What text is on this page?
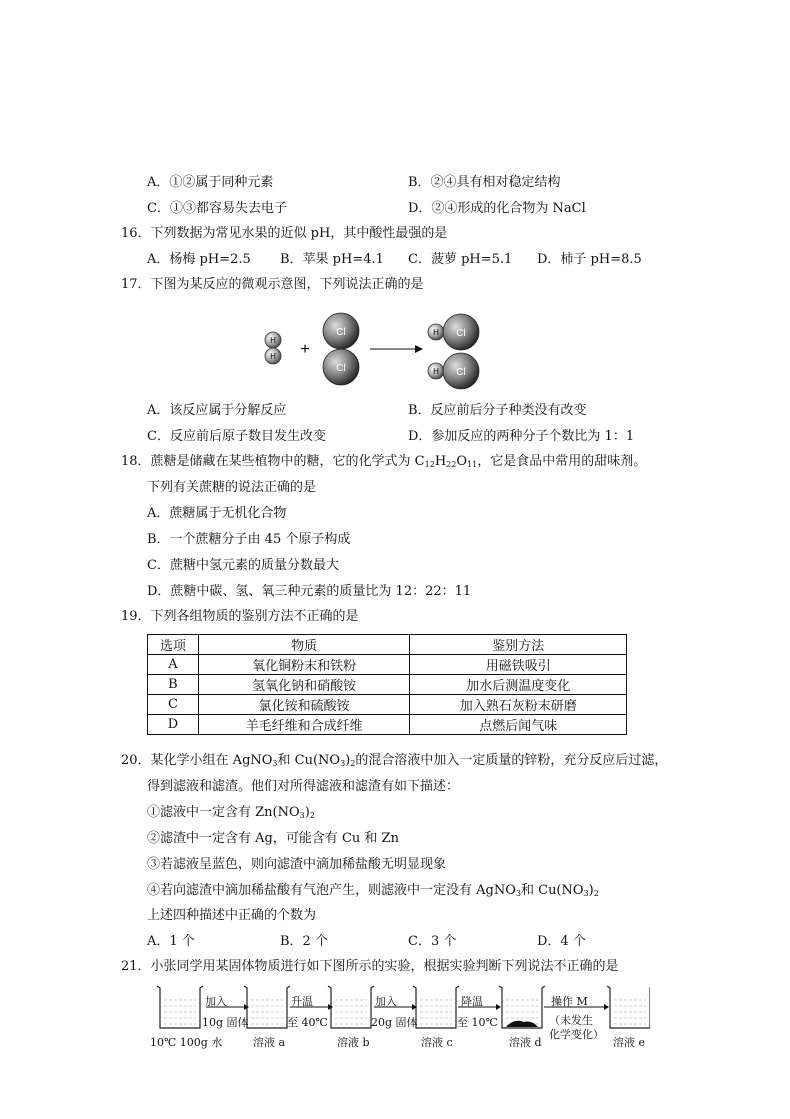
A．①②属于同种元素	B．②④具有相对稳定结构
C．①③都容易失去电子	D．②④形成的化合物为 NaCl
16．下列数据为常见水果的近似 pH，其中酸性最强的是
A．杨梅 pH=2.5 B．苹果 pH=4.1 C．菠萝 pH=5.1 D．柿子 pH=8.5
17．下图为某反应的微观示意图，下列说法正确的是
H
H +
Cl
Cl
H Cl
H Cl
A．该反应属于分解反应	B．反应前后分子种类没有改变
C．反应前后原子数目发生改变	D．参加反应的两种分子个数比为 1：1
18．蔗糖是储藏在某些植物中的糖，它的化学式为 $C_{12}H_{22}O_{11}$，它是食品中常用的甜味剂。
下列有关蔗糖的说法正确的是
A．蔗糖属于无机化合物
B．一个蔗糖分子由 45 个原子构成
C．蔗糖中氢元素的质量分数最大
D．蔗糖中碳、氢、氧三种元素的质量比为 12：22：11
19．下列各组物质的鉴别方法不正确的是
选项	物质	鉴别方法
A	氧化铜粉末和铁粉	用磁铁吸引
B	氢氧化钠和硝酸铵	加水后测温度变化
C	氯化铵和硫酸铵	加入熟石灰粉末研磨
D	羊毛纤维和合成纤维	点燃后闻气味
20．某化学小组在 AgNO$_3$和 $Cu(NO_3)_2$的混合溶液中加入一定质量的锌粉，充分反应后过滤，
得到滤液和滤渣。他们对所得滤液和滤渣有如下描述：
①滤液中一定含有 $Zn(NO_3)_2$
②滤渣中一定含有 Ag，可能含有 Cu 和 Zn
③若滤液呈蓝色，则向滤渣中滴加稀盐酸无明显现象
④若向滤渣中滴加稀盐酸有气泡产生，则滤液中一定没有 AgNO$_3$和 $Cu(NO_3)_2$
上述四种描述中正确的个数为
A．1 个	B．2 个	C．3 个	D．4 个
21．小张同学用某固体物质进行如下图所示的实验，根据实验判断下列说法不正确的是
加入
10g 固体
升温
至 40℃
加入
20g 固体
降温
至 10℃
操作 M
（未发生
化学变化）
10℃ 100g 水	溶液 a	溶液 b	溶液 c	溶液 d	溶液 e
